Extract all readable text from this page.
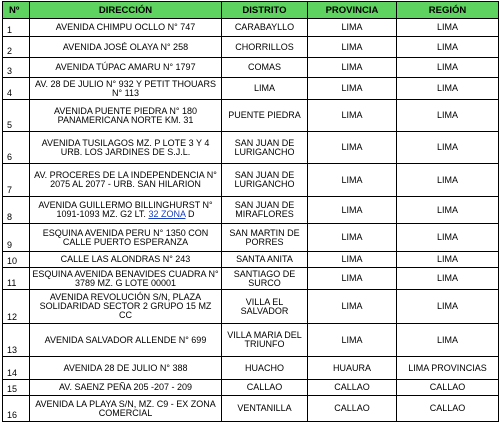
Nº	DIRECCIÓN	DISTRITO	PROVINCIA	REGIÓN
1	AVENIDA CHIMPU OCLLO N° 747	CARABAYLLO	LIMA	LIMA
2	AVENIDA JOSÉ OLAYA N° 258	CHORRILLOS	LIMA	LIMA
3	AVENIDA TÚPAC AMARU N° 1797	COMAS	LIMA	LIMA
4	AV. 28 DE JULIO N° 932 Y PETIT THOUARS N° 113	LIMA	LIMA	LIMA
5	AVENIDA PUENTE PIEDRA N° 180 PANAMERICANA NORTE KM. 31	PUENTE PIEDRA	LIMA	LIMA
6	AVENIDA TUSILAGOS MZ. P LOTE 3 Y 4 URB. LOS JARDINES DE S.J.L.	SAN JUAN DE LURIGANCHO	LIMA	LIMA
7	AV. PROCERES DE LA INDEPENDENCIA N° 2075 AL 2077 - URB. SAN HILARION	SAN JUAN DE LURIGANCHO	LIMA	LIMA
8	AVENIDA GUILLERMO BILLINGHURST N° 1091-1093 MZ. G2 LT. 32 ZONA D	SAN JUAN DE MIRAFLORES	LIMA	LIMA
9	ESQUINA AVENIDA PERU N° 1350 CON CALLE PUERTO ESPERANZA	SAN MARTIN DE PORRES	LIMA	LIMA
10	CALLE LAS ALONDRAS N° 243	SANTA ANITA	LIMA	LIMA
11	ESQUINA AVENIDA BENAVIDES CUADRA N° 3789 MZ. G LOTE 00001	SANTIAGO DE SURCO	LIMA	LIMA
12	AVENIDA REVOLUCIÓN S/N, PLAZA SOLIDARIDAD SECTOR 2 GRUPO 15 MZ CC	VILLA EL SALVADOR	LIMA	LIMA
13	AVENIDA SALVADOR ALLENDE N° 699	VILLA MARIA DEL TRIUNFO	LIMA	LIMA
14	AVENIDA 28 DE JULIO N° 388	HUACHO	HUAURA	LIMA PROVINCIAS
15	AV. SAENZ PEÑA 205 -207 - 209	CALLAO	CALLAO	CALLAO
16	AVENIDA LA PLAYA S/N, MZ. C9 - EX ZONA COMERCIAL	VENTANILLA	CALLAO	CALLAO
